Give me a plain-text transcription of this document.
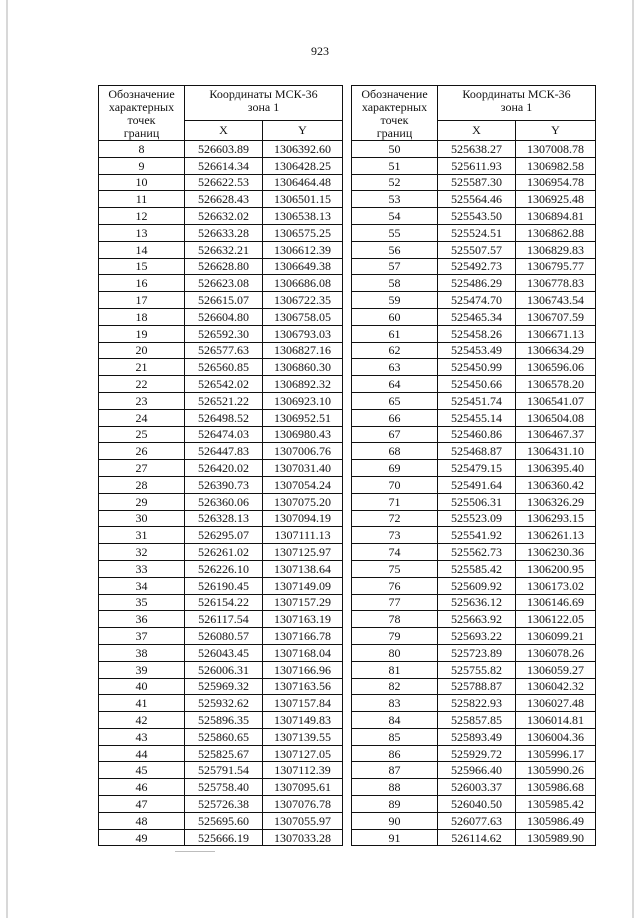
923
Обозначение
характерных
точек
границ	Координаты МСК-36
зона 1	
	X	Y
8	526603.89	1306392.60
9	526614.34	1306428.25
10	526622.53	1306464.48
11	526628.43	1306501.15
12	526632.02	1306538.13
13	526633.28	1306575.25
14	526632.21	1306612.39
15	526628.80	1306649.38
16	526623.08	1306686.08
17	526615.07	1306722.35
18	526604.80	1306758.05
19	526592.30	1306793.03
20	526577.63	1306827.16
21	526560.85	1306860.30
22	526542.02	1306892.32
23	526521.22	1306923.10
24	526498.52	1306952.51
25	526474.03	1306980.43
26	526447.83	1307006.76
27	526420.02	1307031.40
28	526390.73	1307054.24
29	526360.06	1307075.20
30	526328.13	1307094.19
31	526295.07	1307111.13
32	526261.02	1307125.97
33	526226.10	1307138.64
34	526190.45	1307149.09
35	526154.22	1307157.29
36	526117.54	1307163.19
37	526080.57	1307166.78
38	526043.45	1307168.04
39	526006.31	1307166.96
40	525969.32	1307163.56
41	525932.62	1307157.84
42	525896.35	1307149.83
43	525860.65	1307139.55
44	525825.67	1307127.05
45	525791.54	1307112.39
46	525758.40	1307095.61
47	525726.38	1307076.78
48	525695.60	1307055.97
49	525666.19	1307033.28
Обозначение
характерных
точек
границ	Координаты МСК-36
зона 1	
	X	Y
50	525638.27	1307008.78
51	525611.93	1306982.58
52	525587.30	1306954.78
53	525564.46	1306925.48
54	525543.50	1306894.81
55	525524.51	1306862.88
56	525507.57	1306829.83
57	525492.73	1306795.77
58	525486.29	1306778.83
59	525474.70	1306743.54
60	525465.34	1306707.59
61	525458.26	1306671.13
62	525453.49	1306634.29
63	525450.99	1306596.06
64	525450.66	1306578.20
65	525451.74	1306541.07
66	525455.14	1306504.08
67	525460.86	1306467.37
68	525468.87	1306431.10
69	525479.15	1306395.40
70	525491.64	1306360.42
71	525506.31	1306326.29
72	525523.09	1306293.15
73	525541.92	1306261.13
74	525562.73	1306230.36
75	525585.42	1306200.95
76	525609.92	1306173.02
77	525636.12	1306146.69
78	525663.92	1306122.05
79	525693.22	1306099.21
80	525723.89	1306078.26
81	525755.82	1306059.27
82	525788.87	1306042.32
83	525822.93	1306027.48
84	525857.85	1306014.81
85	525893.49	1306004.36
86	525929.72	1305996.17
87	525966.40	1305990.26
88	526003.37	1305986.68
89	526040.50	1305985.42
90	526077.63	1305986.49
91	526114.62	1305989.90
